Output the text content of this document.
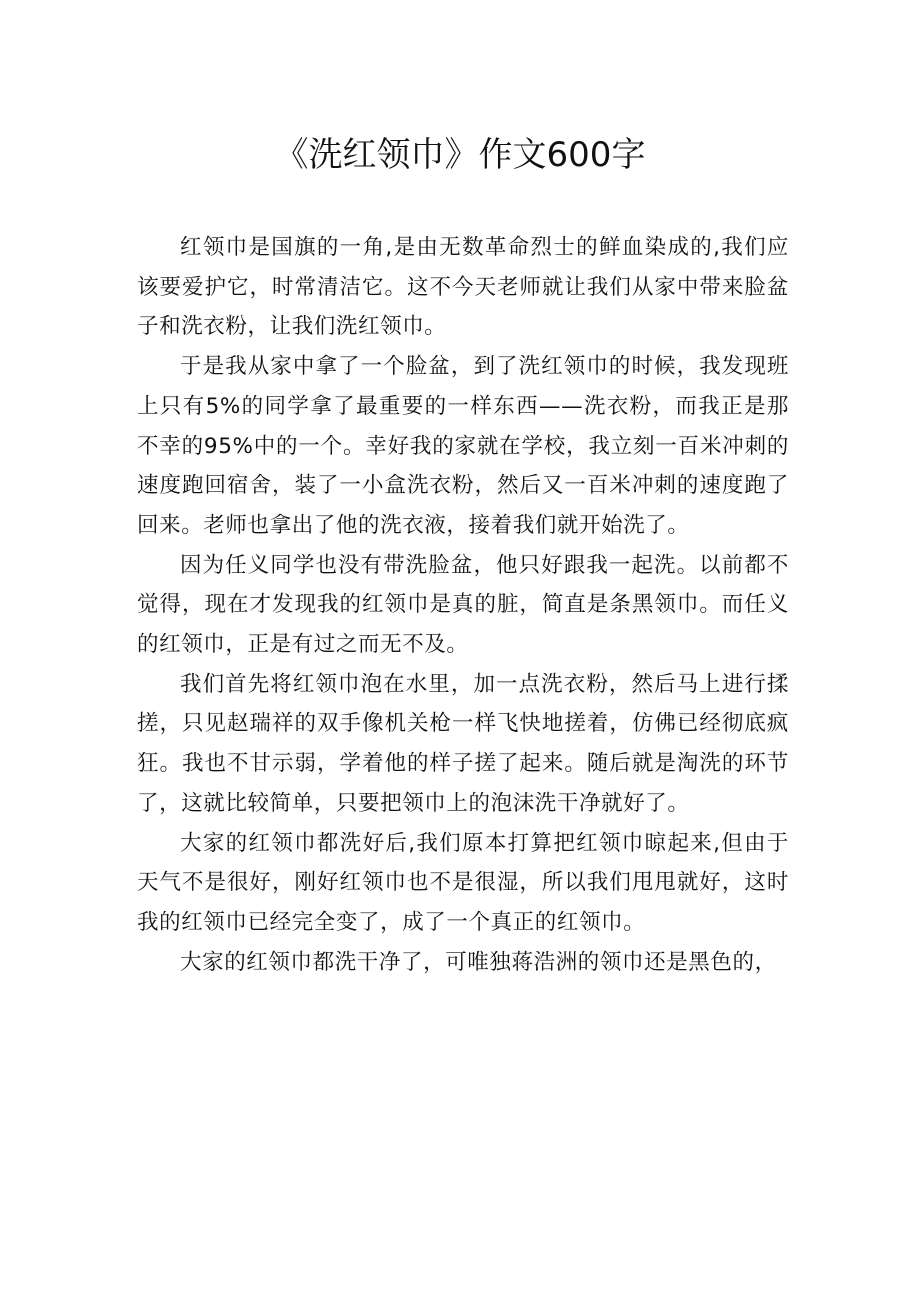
《洗红领巾》作文600字

红领巾是国旗的一角,是由无数革命烈士的鲜血染成的,我们应该要爱护它，时常清洁它。这不今天老师就让我们从家中带来脸盆子和洗衣粉，让我们洗红领巾。

于是我从家中拿了一个脸盆，到了洗红领巾的时候，我发现班上只有5%的同学拿了最重要的一样东西——洗衣粉，而我正是那不幸的95%中的一个。幸好我的家就在学校，我立刻一百米冲刺的速度跑回宿舍，装了一小盒洗衣粉，然后又一百米冲刺的速度跑了回来。老师也拿出了他的洗衣液，接着我们就开始洗了。

因为任义同学也没有带洗脸盆，他只好跟我一起洗。以前都不觉得，现在才发现我的红领巾是真的脏，简直是条黑领巾。而任义的红领巾，正是有过之而无不及。

我们首先将红领巾泡在水里，加一点洗衣粉，然后马上进行揉搓，只见赵瑞祥的双手像机关枪一样飞快地搓着，仿佛已经彻底疯狂。我也不甘示弱，学着他的样子搓了起来。随后就是淘洗的环节了，这就比较简单，只要把领巾上的泡沫洗干净就好了。

大家的红领巾都洗好后,我们原本打算把红领巾晾起来,但由于天气不是很好，刚好红领巾也不是很湿，所以我们甩甩就好，这时我的红领巾已经完全变了，成了一个真正的红领巾。

大家的红领巾都洗干净了，可唯独蒋浩洲的领巾还是黑色的，
